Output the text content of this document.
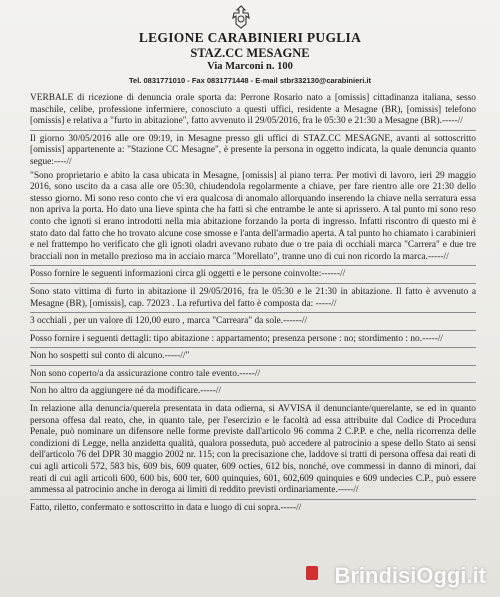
LEGIONE CARABINIERI PUGLIA
STAZ.CC MESAGNE
Via Marconi n. 100
Tel. 0831771010 - Fax 0831771448 - E-mail stbr332130@carabinieri.it

VERBALE di ricezione di denuncia orale sporta da: Perrone Rosario nato a [omissis] cittadinanza italiana, sesso maschile, celibe, professione infermiere, conosciuto a questi uffici, residente a Mesagne (BR), [omissis] telefono [omissis] e relativa a "furto in abitazione", fatto avvenuto il 29/05/2016, fra le 05:30 e 21:30 a Mesagne (BR).-----//

Il giorno 30/05/2016 alle ore 09:19, in Mesagne presso gli uffici di STAZ.CC MESAGNE, avanti al sottoscritto [omissis] appartenente a: "Stazione CC Mesagne", è presente la persona in oggetto indicata, la quale denuncia quanto segue:----//

"Sono proprietario e abito la casa ubicata in Mesagne, [omissis] al piano terra. Per motivi di lavoro, ieri 29 maggio 2016, sono uscito da a casa alle ore 05:30, chiudendola regolarmente a chiave, per fare rientro alle ore 21:30 dello stesso giorno. Mi sono reso conto che vi era qualcosa di anomalo allorquando inserendo la chiave nella serratura essa non apriva la porta. Ho dato una lieve spinta che ha fatti sì che entrambe le ante si aprissero. A tal punto mi sono reso conto che ignoti si erano introdotti nella mia abitazione forzando la porta di ingresso. Infatti riscontro di questo mi è stato dato dal fatto che ho trovato alcune cose smosse e l'anta dell'armadio aperta. A tal punto ho chiamato i carabinieri e nel frattempo ho verificato che gli ignoti oladri avevano rubato due o tre paia di occhiali marca "Carrera" e due tre bracciali non in metallo prezioso ma in acciaio marca "Morellato", tranne uno di cui non ricordo la marca.-----//

Posso fornire le seguenti informazioni circa gli oggetti e le persone coinvolte:------//

Sono stato vittima di furto in abitazione il 29/05/2016, fra le 05:30 e le 21:30 in abitazione. Il fatto è avvenuto a Mesagne (BR), [omissis], cap. 72023 . La refurtiva del fatto è composta da: -----//

3 occhiali , per un valore di 120,00 euro , marca "Carreara" da sole.------//

Posso fornire i seguenti dettagli: tipo abitazione : appartamento; presenza persone : no; stordimento : no.-----//

Non ho sospetti sul conto di alcuno.-----//"

Non sono coperto/a da assicurazione contro tale evento.-----//

Non ho altro da aggiungere né da modificare.-----//

In relazione alla denuncia/querela presentata in data odierna, si AVVISA il denunciante/querelante, se ed in quanto persona offesa dal reato, che, in quanto tale, per l'esercizio e le facoltà ad essa attribuite dal Codice di Procedura Penale, può nominare un difensore nelle forme previste dall'articolo 96 comma 2 C.P.P. e che, nella ricorrenza delle condizioni di Legge, nella anzidetta qualità, qualora posseduta, può accedere al patrocinio a spese dello Stato ai sensi dell'articolo 76 del DPR 30 maggio 2002 nr. 115; con la precisazione che, laddove si tratti di persona offesa dai reati di cui agli articoli 572, 583 bis, 609 bis, 609 quater, 609 octies, 612 bis, nonché, ove commessi in danno di minori, dai reati di cui agli articoli 600, 600 bis, 600 ter, 600 quinquies, 601, 602,609 quinquies e 609 undecies C.P., può essere ammessa al patrocinio anche in deroga ai limiti di reddito previsti ordinariamente.-----//

Fatto, riletto, confermato e sottoscritto in data e luogo di cui sopra.-----//

BrindisiOggi.it
